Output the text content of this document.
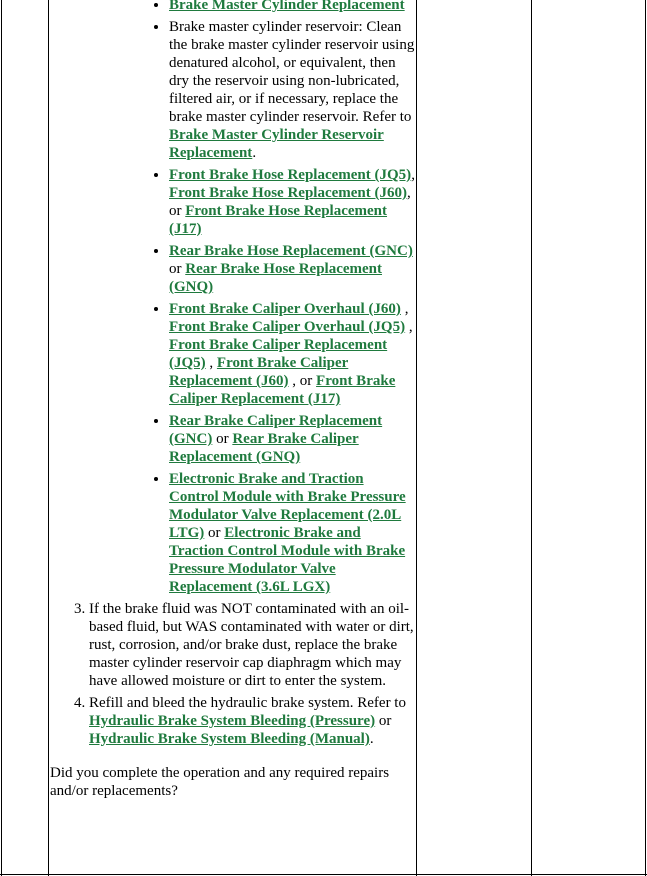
• Brake Master Cylinder Replacement
• Brake master cylinder reservoir: Clean the brake master cylinder reservoir using denatured alcohol, or equivalent, then dry the reservoir using non-lubricated, filtered air, or if necessary, replace the brake master cylinder reservoir. Refer to Brake Master Cylinder Reservoir Replacement.
• Front Brake Hose Replacement (JQ5), Front Brake Hose Replacement (J60), or Front Brake Hose Replacement (J17)
• Rear Brake Hose Replacement (GNC) or Rear Brake Hose Replacement (GNQ)
• Front Brake Caliper Overhaul (J60) , Front Brake Caliper Overhaul (JQ5) , Front Brake Caliper Replacement (JQ5) , Front Brake Caliper Replacement (J60) , or Front Brake Caliper Replacement (J17)
• Rear Brake Caliper Replacement (GNC) or Rear Brake Caliper Replacement (GNQ)
• Electronic Brake and Traction Control Module with Brake Pressure Modulator Valve Replacement (2.0L LTG) or Electronic Brake and Traction Control Module with Brake Pressure Modulator Valve Replacement (3.6L LGX)
3. If the brake fluid was NOT contaminated with an oil-based fluid, but WAS contaminated with water or dirt, rust, corrosion, and/or brake dust, replace the brake master cylinder reservoir cap diaphragm which may have allowed moisture or dirt to enter the system.
4. Refill and bleed the hydraulic brake system. Refer to Hydraulic Brake System Bleeding (Pressure) or Hydraulic Brake System Bleeding (Manual).
Did you complete the operation and any required repairs and/or replacements?
